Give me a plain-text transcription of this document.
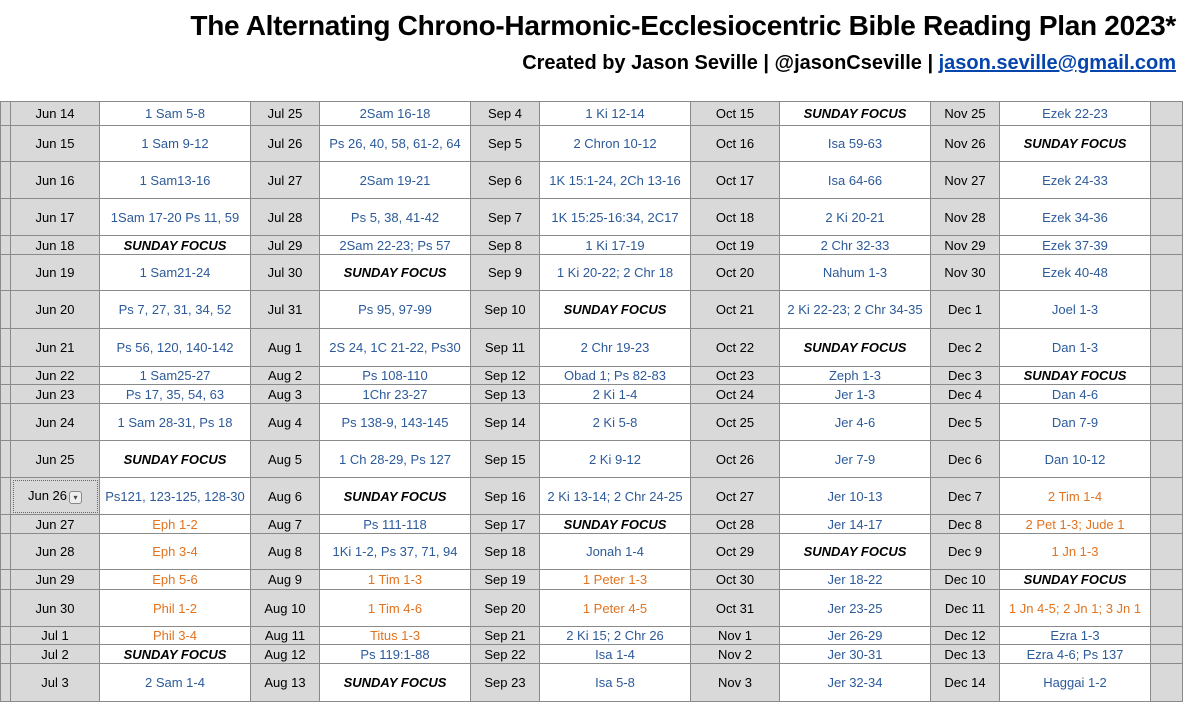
The Alternating Chrono-Harmonic-Ecclesiocentric Bible Reading Plan 2023*
Created by Jason Seville | @jasonCseville | jason.seville@gmail.com
	Jun 14	1 Sam 5-8	Jul 25	2Sam 16-18	Sep 4	1 Ki 12-14	Oct 15	SUNDAY FOCUS	Nov 25	Ezek 22-23	
	Jun 15	1 Sam 9-12	Jul 26	Ps 26, 40, 58, 61-2, 64	Sep 5	2 Chron 10-12	Oct 16	Isa 59-63	Nov 26	SUNDAY FOCUS	
	Jun 16	1 Sam13-16	Jul 27	2Sam 19-21	Sep 6	1K 15:1-24, 2Ch 13-16	Oct 17	Isa 64-66	Nov 27	Ezek 24-33	
	Jun 17	1Sam 17-20 Ps 11, 59	Jul 28	Ps 5, 38, 41-42	Sep 7	1K 15:25-16:34, 2C17	Oct 18	2 Ki 20-21	Nov 28	Ezek 34-36	
	Jun 18	SUNDAY FOCUS	Jul 29	2Sam 22-23; Ps 57	Sep 8	1 Ki 17-19	Oct 19	2 Chr 32-33	Nov 29	Ezek 37-39	
	Jun 19	1 Sam21-24	Jul 30	SUNDAY FOCUS	Sep 9	1 Ki 20-22; 2 Chr 18	Oct 20	Nahum 1-3	Nov 30	Ezek 40-48	
	Jun 20	Ps 7, 27, 31, 34, 52	Jul 31	Ps 95, 97-99	Sep 10	SUNDAY FOCUS	Oct 21	2 Ki 22-23; 2 Chr 34-35	Dec 1	Joel 1-3	
	Jun 21	Ps 56, 120, 140-142	Aug 1	2S 24, 1C 21-22, Ps30	Sep 11	2 Chr 19-23	Oct 22	SUNDAY FOCUS	Dec 2	Dan 1-3	
	Jun 22	1 Sam25-27	Aug 2	Ps 108-110	Sep 12	Obad 1; Ps 82-83	Oct 23	Zeph 1-3	Dec 3	SUNDAY FOCUS	
	Jun 23	Ps 17, 35, 54, 63	Aug 3	1Chr 23-27	Sep 13	2 Ki 1-4	Oct 24	Jer 1-3	Dec 4	Dan 4-6	
	Jun 24	1 Sam 28-31, Ps 18	Aug 4	Ps 138-9, 143-145	Sep 14	2 Ki 5-8	Oct 25	Jer 4-6	Dec 5	Dan 7-9	
	Jun 25	SUNDAY FOCUS	Aug 5	1 Ch 28-29, Ps 127	Sep 15	2 Ki 9-12	Oct 26	Jer 7-9	Dec 6	Dan 10-12	
	Jun 26 ▾	Ps121, 123-125, 128-30	Aug 6	SUNDAY FOCUS	Sep 16	2 Ki 13-14; 2 Chr 24-25	Oct 27	Jer 10-13	Dec 7	2 Tim 1-4	
	Jun 27	Eph 1-2	Aug 7	Ps 111-118	Sep 17	SUNDAY FOCUS	Oct 28	Jer 14-17	Dec 8	2 Pet 1-3; Jude 1	
	Jun 28	Eph 3-4	Aug 8	1Ki 1-2, Ps 37, 71, 94	Sep 18	Jonah 1-4	Oct 29	SUNDAY FOCUS	Dec 9	1 Jn 1-3	
	Jun 29	Eph 5-6	Aug 9	1 Tim 1-3	Sep 19	1 Peter 1-3	Oct 30	Jer 18-22	Dec 10	SUNDAY FOCUS	
	Jun 30	Phil 1-2	Aug 10	1 Tim 4-6	Sep 20	1 Peter 4-5	Oct 31	Jer 23-25	Dec 11	1 Jn 4-5; 2 Jn 1; 3 Jn 1	
	Jul 1	Phil 3-4	Aug 11	Titus 1-3	Sep 21	2 Ki 15; 2 Chr 26	Nov 1	Jer 26-29	Dec 12	Ezra 1-3	
	Jul 2	SUNDAY FOCUS	Aug 12	Ps 119:1-88	Sep 22	Isa 1-4	Nov 2	Jer 30-31	Dec 13	Ezra 4-6; Ps 137	
	Jul 3	2 Sam 1-4	Aug 13	SUNDAY FOCUS	Sep 23	Isa 5-8	Nov 3	Jer 32-34	Dec 14	Haggai 1-2	
